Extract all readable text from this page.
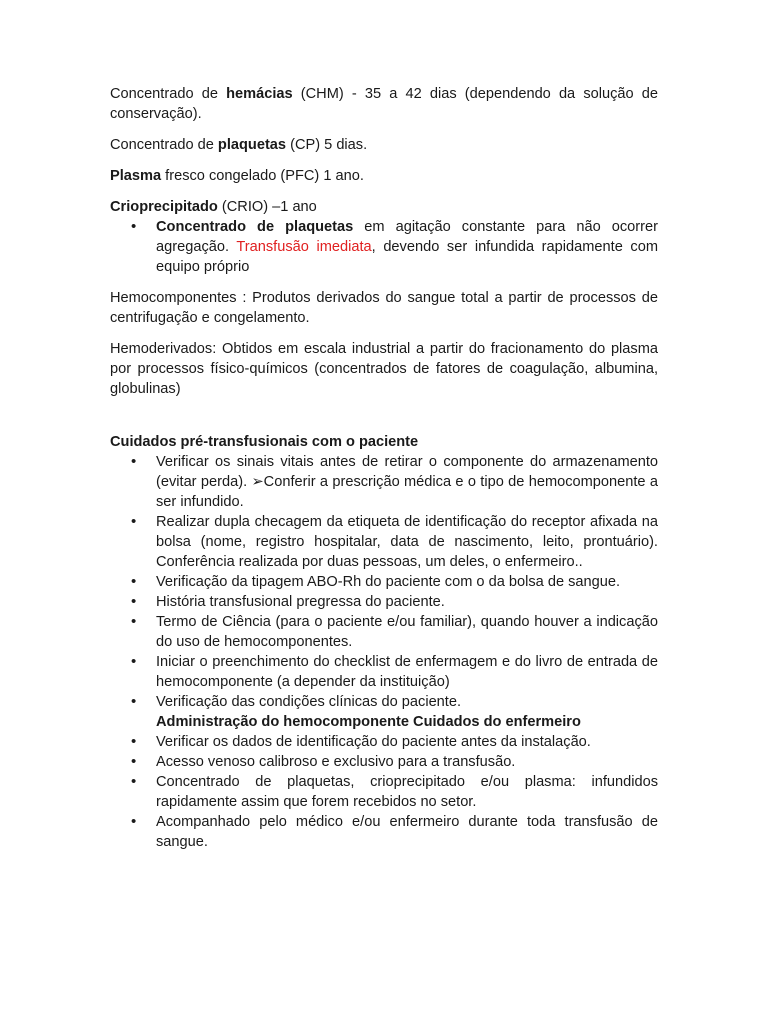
Concentrado de hemácias (CHM) - 35 a 42 dias (dependendo da solução de conservação).

Concentrado de plaquetas (CP) 5 dias.

Plasma fresco congelado (PFC) 1 ano.

Crioprecipitado (CRIO) –1 ano

• Concentrado de plaquetas em agitação constante para não ocorrer agregação. Transfusão imediata, devendo ser infundida rapidamente com equipo próprio

Hemocomponentes : Produtos derivados do sangue total a partir de processos de centrifugação e congelamento.

Hemoderivados: Obtidos em escala industrial a partir do fracionamento do plasma por processos físico-químicos (concentrados de fatores de coagulação, albumina, globulinas)

Cuidados pré-transfusionais com o paciente

• Verificar os sinais vitais antes de retirar o componente do armazenamento (evitar perda). ➢Conferir a prescrição médica e o tipo de hemocomponente a ser infundido.
• Realizar dupla checagem da etiqueta de identificação do receptor afixada na bolsa (nome, registro hospitalar, data de nascimento, leito, prontuário). Conferência realizada por duas pessoas, um deles, o enfermeiro..
• Verificação da tipagem ABO-Rh do paciente com o da bolsa de sangue.
• História transfusional pregressa do paciente.
• Termo de Ciência (para o paciente e/ou familiar), quando houver a indicação do uso de hemocomponentes.
• Iniciar o preenchimento do checklist de enfermagem e do livro de entrada de hemocomponente (a depender da instituição)
• Verificação das condições clínicas do paciente.
Administração do hemocomponente Cuidados do enfermeiro
• Verificar os dados de identificação do paciente antes da instalação.
• Acesso venoso calibroso e exclusivo para a transfusão.
• Concentrado de plaquetas, crioprecipitado e/ou plasma: infundidos rapidamente assim que forem recebidos no setor.
• Acompanhado pelo médico e/ou enfermeiro durante toda transfusão de sangue.
